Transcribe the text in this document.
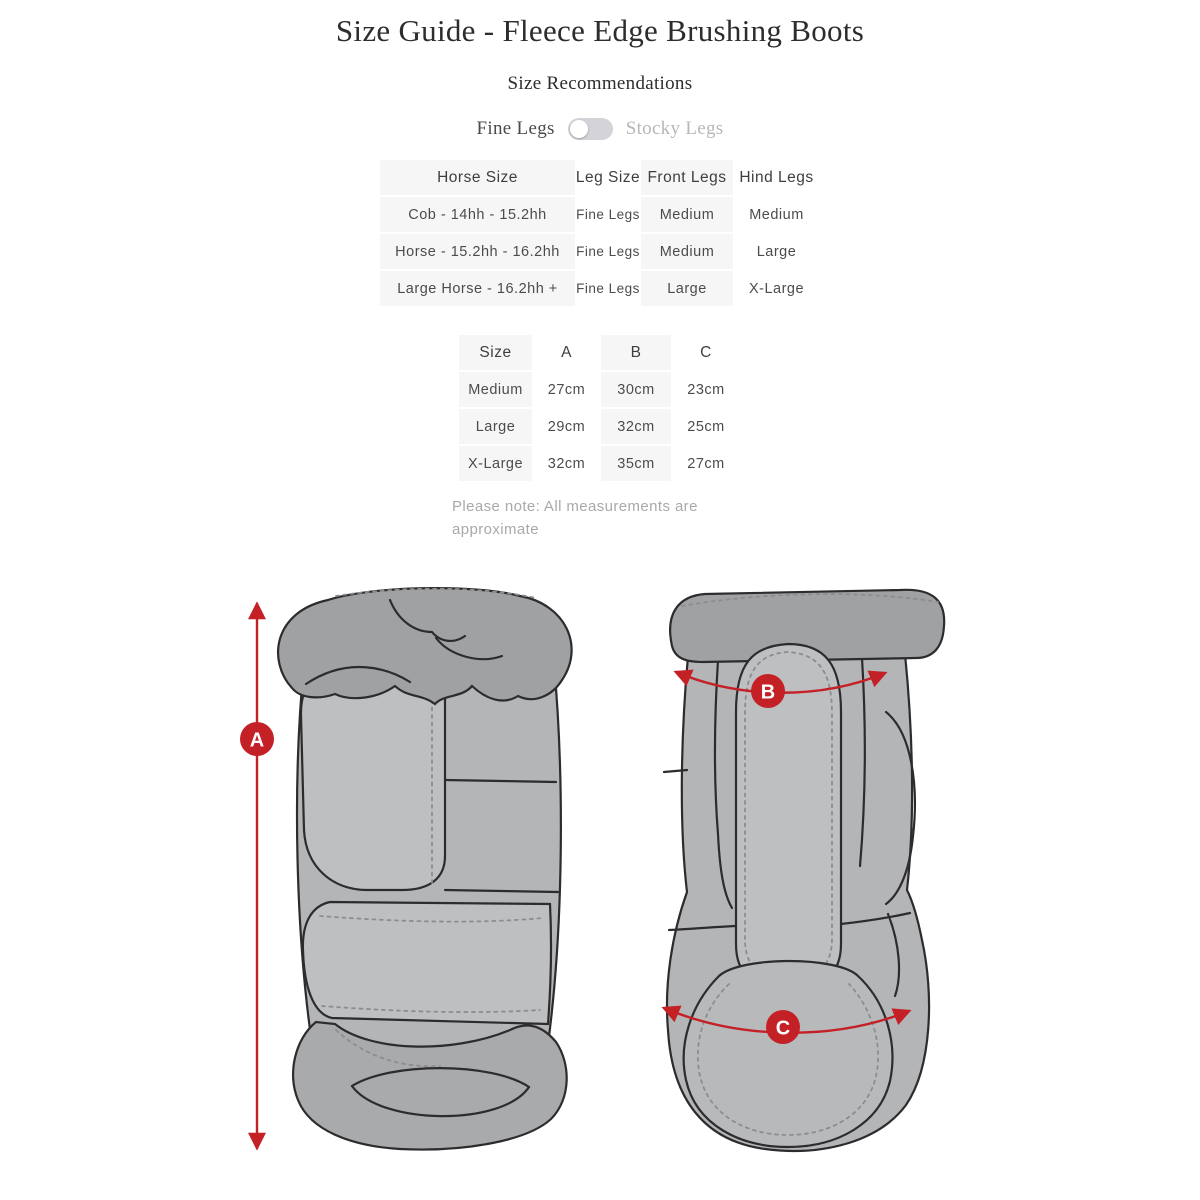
Size Guide - Fleece Edge Brushing Boots
Size Recommendations
Fine Legs	Stocky Legs
Horse Size	Leg Size	Front Legs	Hind Legs
Cob - 14hh - 15.2hh	Fine Legs	Medium	Medium
Horse - 15.2hh - 16.2hh	Fine Legs	Medium	Large
Large Horse - 16.2hh +	Fine Legs	Large	X-Large
Size	A	B	C
Medium	27cm	30cm	23cm
Large	29cm	32cm	25cm
X-Large	32cm	35cm	27cm
Please note: All measurements are approximate
A
B
C
